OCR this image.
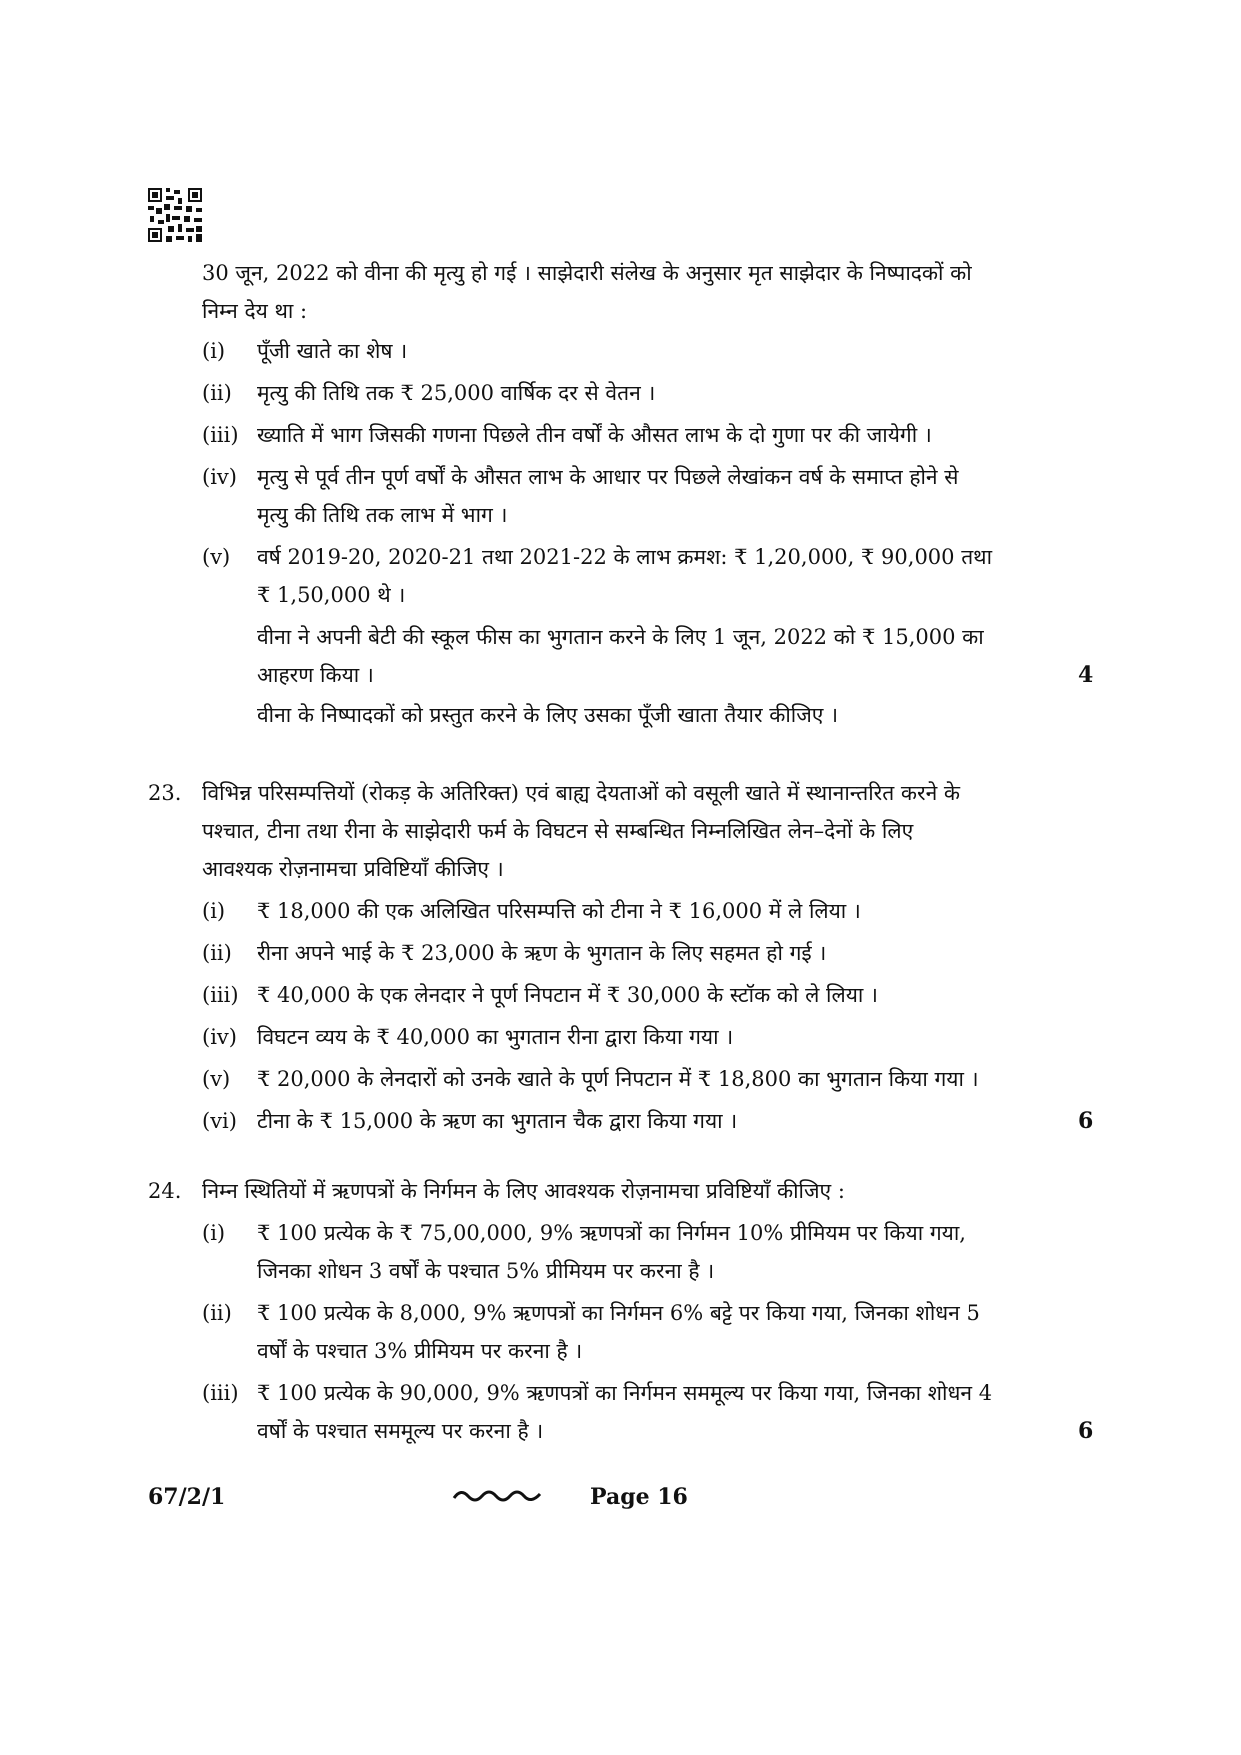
30 जून, 2022 को वीना की मृत्यु हो गई । साझेदारी संलेख के अनुसार मृत साझेदार के निष्पादकों को
निम्न देय था :
(i) पूँजी खाते का शेष ।
(ii) मृत्यु की तिथि तक ₹ 25,000 वार्षिक दर से वेतन ।
(iii) ख्याति में भाग जिसकी गणना पिछले तीन वर्षों के औसत लाभ के दो गुणा पर की जायेगी ।
(iv) मृत्यु से पूर्व तीन पूर्ण वर्षों के औसत लाभ के आधार पर पिछले लेखांकन वर्ष के समाप्त होने से
मृत्यु की तिथि तक लाभ में भाग ।
(v) वर्ष 2019-20, 2020-21 तथा 2021-22 के लाभ क्रमश: ₹ 1,20,000, ₹ 90,000 तथा
₹ 1,50,000 थे ।
वीना ने अपनी बेटी की स्कूल फीस का भुगतान करने के लिए 1 जून, 2022 को ₹ 15,000 का
आहरण किया ।	4
वीना के निष्पादकों को प्रस्तुत करने के लिए उसका पूँजी खाता तैयार कीजिए ।
23. विभिन्न परिसम्पत्तियों (रोकड़ के अतिरिक्त) एवं बाह्य देयताओं को वसूली खाते में स्थानान्तरित करने के
पश्चात, टीना तथा रीना के साझेदारी फर्म के विघटन से सम्बन्धित निम्नलिखित लेन–देनों के लिए
आवश्यक रोज़नामचा प्रविष्टियाँ कीजिए ।
(i) ₹ 18,000 की एक अलिखित परिसम्पत्ति को टीना ने ₹ 16,000 में ले लिया ।
(ii) रीना अपने भाई के ₹ 23,000 के ऋण के भुगतान के लिए सहमत हो गई ।
(iii) ₹ 40,000 के एक लेनदार ने पूर्ण निपटान में ₹ 30,000 के स्टॉक को ले लिया ।
(iv) विघटन व्यय के ₹ 40,000 का भुगतान रीना द्वारा किया गया ।
(v) ₹ 20,000 के लेनदारों को उनके खाते के पूर्ण निपटान में ₹ 18,800 का भुगतान किया गया ।
(vi) टीना के ₹ 15,000 के ऋण का भुगतान चैक द्वारा किया गया ।	6
24. निम्न स्थितियों में ऋणपत्रों के निर्गमन के लिए आवश्यक रोज़नामचा प्रविष्टियाँ कीजिए :
(i) ₹ 100 प्रत्येक के ₹ 75,00,000, 9% ऋणपत्रों का निर्गमन 10% प्रीमियम पर किया गया,
जिनका शोधन 3 वर्षों के पश्चात 5% प्रीमियम पर करना है ।
(ii) ₹ 100 प्रत्येक के 8,000, 9% ऋणपत्रों का निर्गमन 6% बट्टे पर किया गया, जिनका शोधन 5
वर्षों के पश्चात 3% प्रीमियम पर करना है ।
(iii) ₹ 100 प्रत्येक के 90,000, 9% ऋणपत्रों का निर्गमन सममूल्य पर किया गया, जिनका शोधन 4
वर्षों के पश्चात सममूल्य पर करना है ।	6
67/2/1	Page 16
